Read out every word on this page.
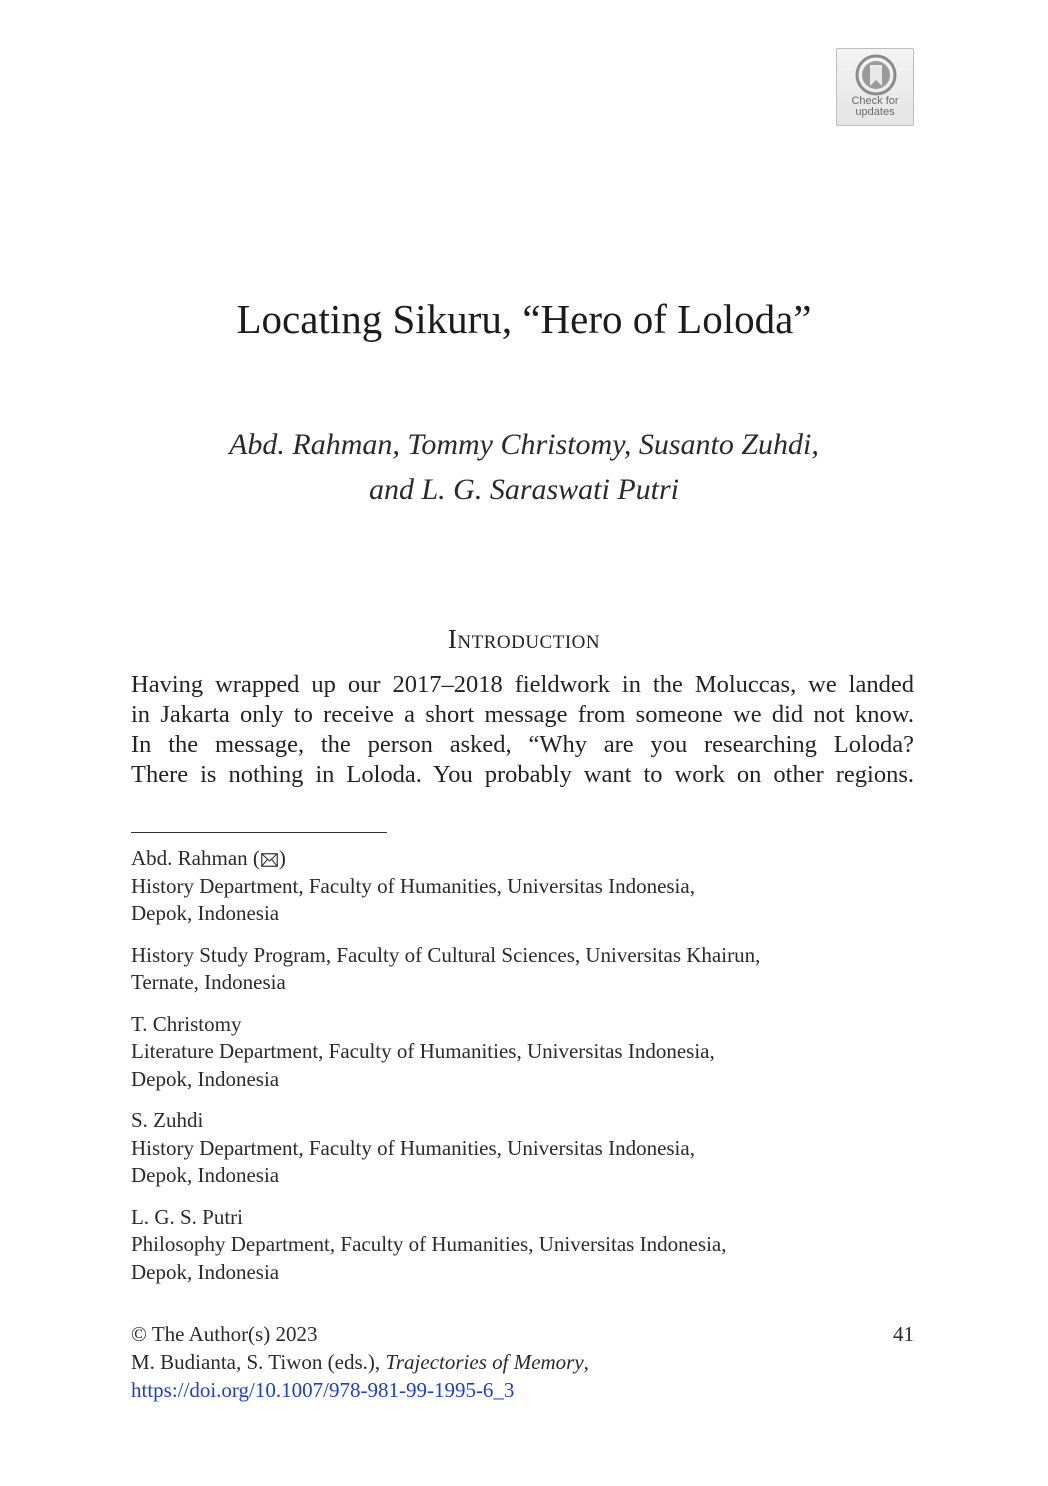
Check for
updates
Locating Sikuru, “Hero of Loloda”
Abd. Rahman, Tommy Christomy, Susanto Zuhdi,
and L. G. Saraswati Putri
Introduction
Having wrapped up our 2017–2018 fieldwork in the Moluccas, we landed
in Jakarta only to receive a short message from someone we did not know.
In the message, the person asked, “Why are you researching Loloda?
There is nothing in Loloda. You probably want to work on other regions.
Abd. Rahman ( )
History Department, Faculty of Humanities, Universitas Indonesia,
Depok, Indonesia
History Study Program, Faculty of Cultural Sciences, Universitas Khairun,
Ternate, Indonesia
T. Christomy
Literature Department, Faculty of Humanities, Universitas Indonesia,
Depok, Indonesia
S. Zuhdi
History Department, Faculty of Humanities, Universitas Indonesia,
Depok, Indonesia
L. G. S. Putri
Philosophy Department, Faculty of Humanities, Universitas Indonesia,
Depok, Indonesia
© The Author(s) 2023	41
M. Budianta, S. Tiwon (eds.), Trajectories of Memory,
https://doi.org/10.1007/978-981-99-1995-6_3
